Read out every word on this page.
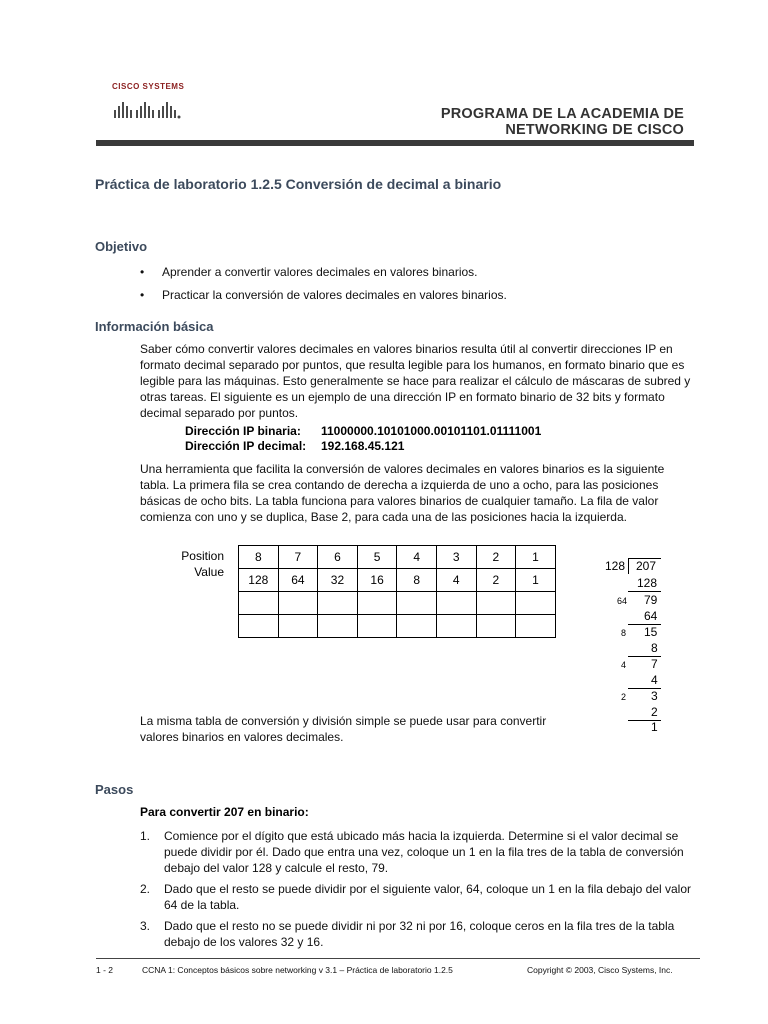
CISCO SYSTEMS
PROGRAMA DE LA ACADEMIA DE
NETWORKING DE CISCO
Práctica de laboratorio 1.2.5 Conversión de decimal a binario
Objetivo
• Aprender a convertir valores decimales en valores binarios.
• Practicar la conversión de valores decimales en valores binarios.
Información básica
Saber cómo convertir valores decimales en valores binarios resulta útil al convertir direcciones IP en formato decimal separado por puntos, que resulta legible para los humanos, en formato binario que es legible para las máquinas. Esto generalmente se hace para realizar el cálculo de máscaras de subred y otras tareas. El siguiente es un ejemplo de una dirección IP en formato binario de 32 bits y formato decimal separado por puntos.
Dirección IP binaria: 11000000.10101000.00101101.01111001
Dirección IP decimal: 192.168.45.121
Una herramienta que facilita la conversión de valores decimales en valores binarios es la siguiente tabla. La primera fila se crea contando de derecha a izquierda de uno a ocho, para las posiciones básicas de ocho bits. La tabla funciona para valores binarios de cualquier tamaño. La fila de valor comienza con uno y se duplica, Base 2, para cada una de las posiciones hacia la izquierda.
Position
Value
8	7	6	5	4	3	2	1
128	64	32	16	8	4	2	1

128 207
128
64 79
64
8 15
8
4 7
4
2 3
2
1
La misma tabla de conversión y división simple se puede usar para convertir valores binarios en valores decimales.
Pasos
Para convertir 207 en binario:
1. Comience por el dígito que está ubicado más hacia la izquierda. Determine si el valor decimal se puede dividir por él. Dado que entra una vez, coloque un 1 en la fila tres de la tabla de conversión debajo del valor 128 y calcule el resto, 79.
2. Dado que el resto se puede dividir por el siguiente valor, 64, coloque un 1 en la fila debajo del valor 64 de la tabla.
3. Dado que el resto no se puede dividir ni por 32 ni por 16, coloque ceros en la fila tres de la tabla debajo de los valores 32 y 16.
1 - 2	CCNA 1: Conceptos básicos sobre networking v 3.1 – Práctica de laboratorio 1.2.5	Copyright © 2003, Cisco Systems, Inc.
